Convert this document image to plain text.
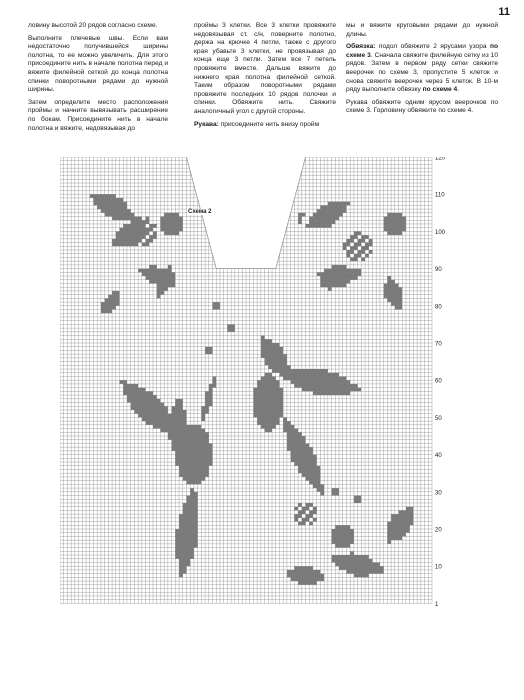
11

ловину высотой 20 рядов согласно схеме.

Выполните плечевые швы. Если вам недостаточно получившейся ширины полотна, то ее можно увеличить. Для этого присоедините нить в начале полотна перед и вяжите филейной сеткой до конца полотна спинки поворотными рядами до нужной ширины.

Затем определите место расположения проймы и начните вывязывать расширение по бокам. Присоедините нить в начале полотна и вяжите, недовязывая до

проймы 3 клетки. Все 3 клетки провяжите недовязывая ст. с/н, поверните полотно, держа на крючке 4 петли, также с другого края убавьте 3 клетки, не провязывая до конца еще 3 петли. Затем все 7 петель провяжите вместе. Дальше вяжите до нижнего края полотна филейной сеткой. Таким образом поворотными рядами провяжите последних 10 рядов полочки и спинки. Обвяжите нить. Свяжите аналогичный угол с другой стороны.

Рукава: присоедините нить внизу пройм

мы и вяжите круговыми рядами до нужной длины.

Обвязка: подол обвяжите 2 ярусами узора по схеме 3. Сначала свяжите филейную сетку из 10 рядов. Затем в первом ряду сетки свяжите веерочек по схеме 3, пропустите 5 клеток и снова свяжите веерочек через 5 клеток. В 10-м ряду выполните обвязку по схеме 4.

Рукава обвяжите одним ярусом веерочков по схеме 3. Горловину обвяжите по схеме 4.

120
110
100
90
80
70
60
50
40
30
20
10
1
Схема 2
